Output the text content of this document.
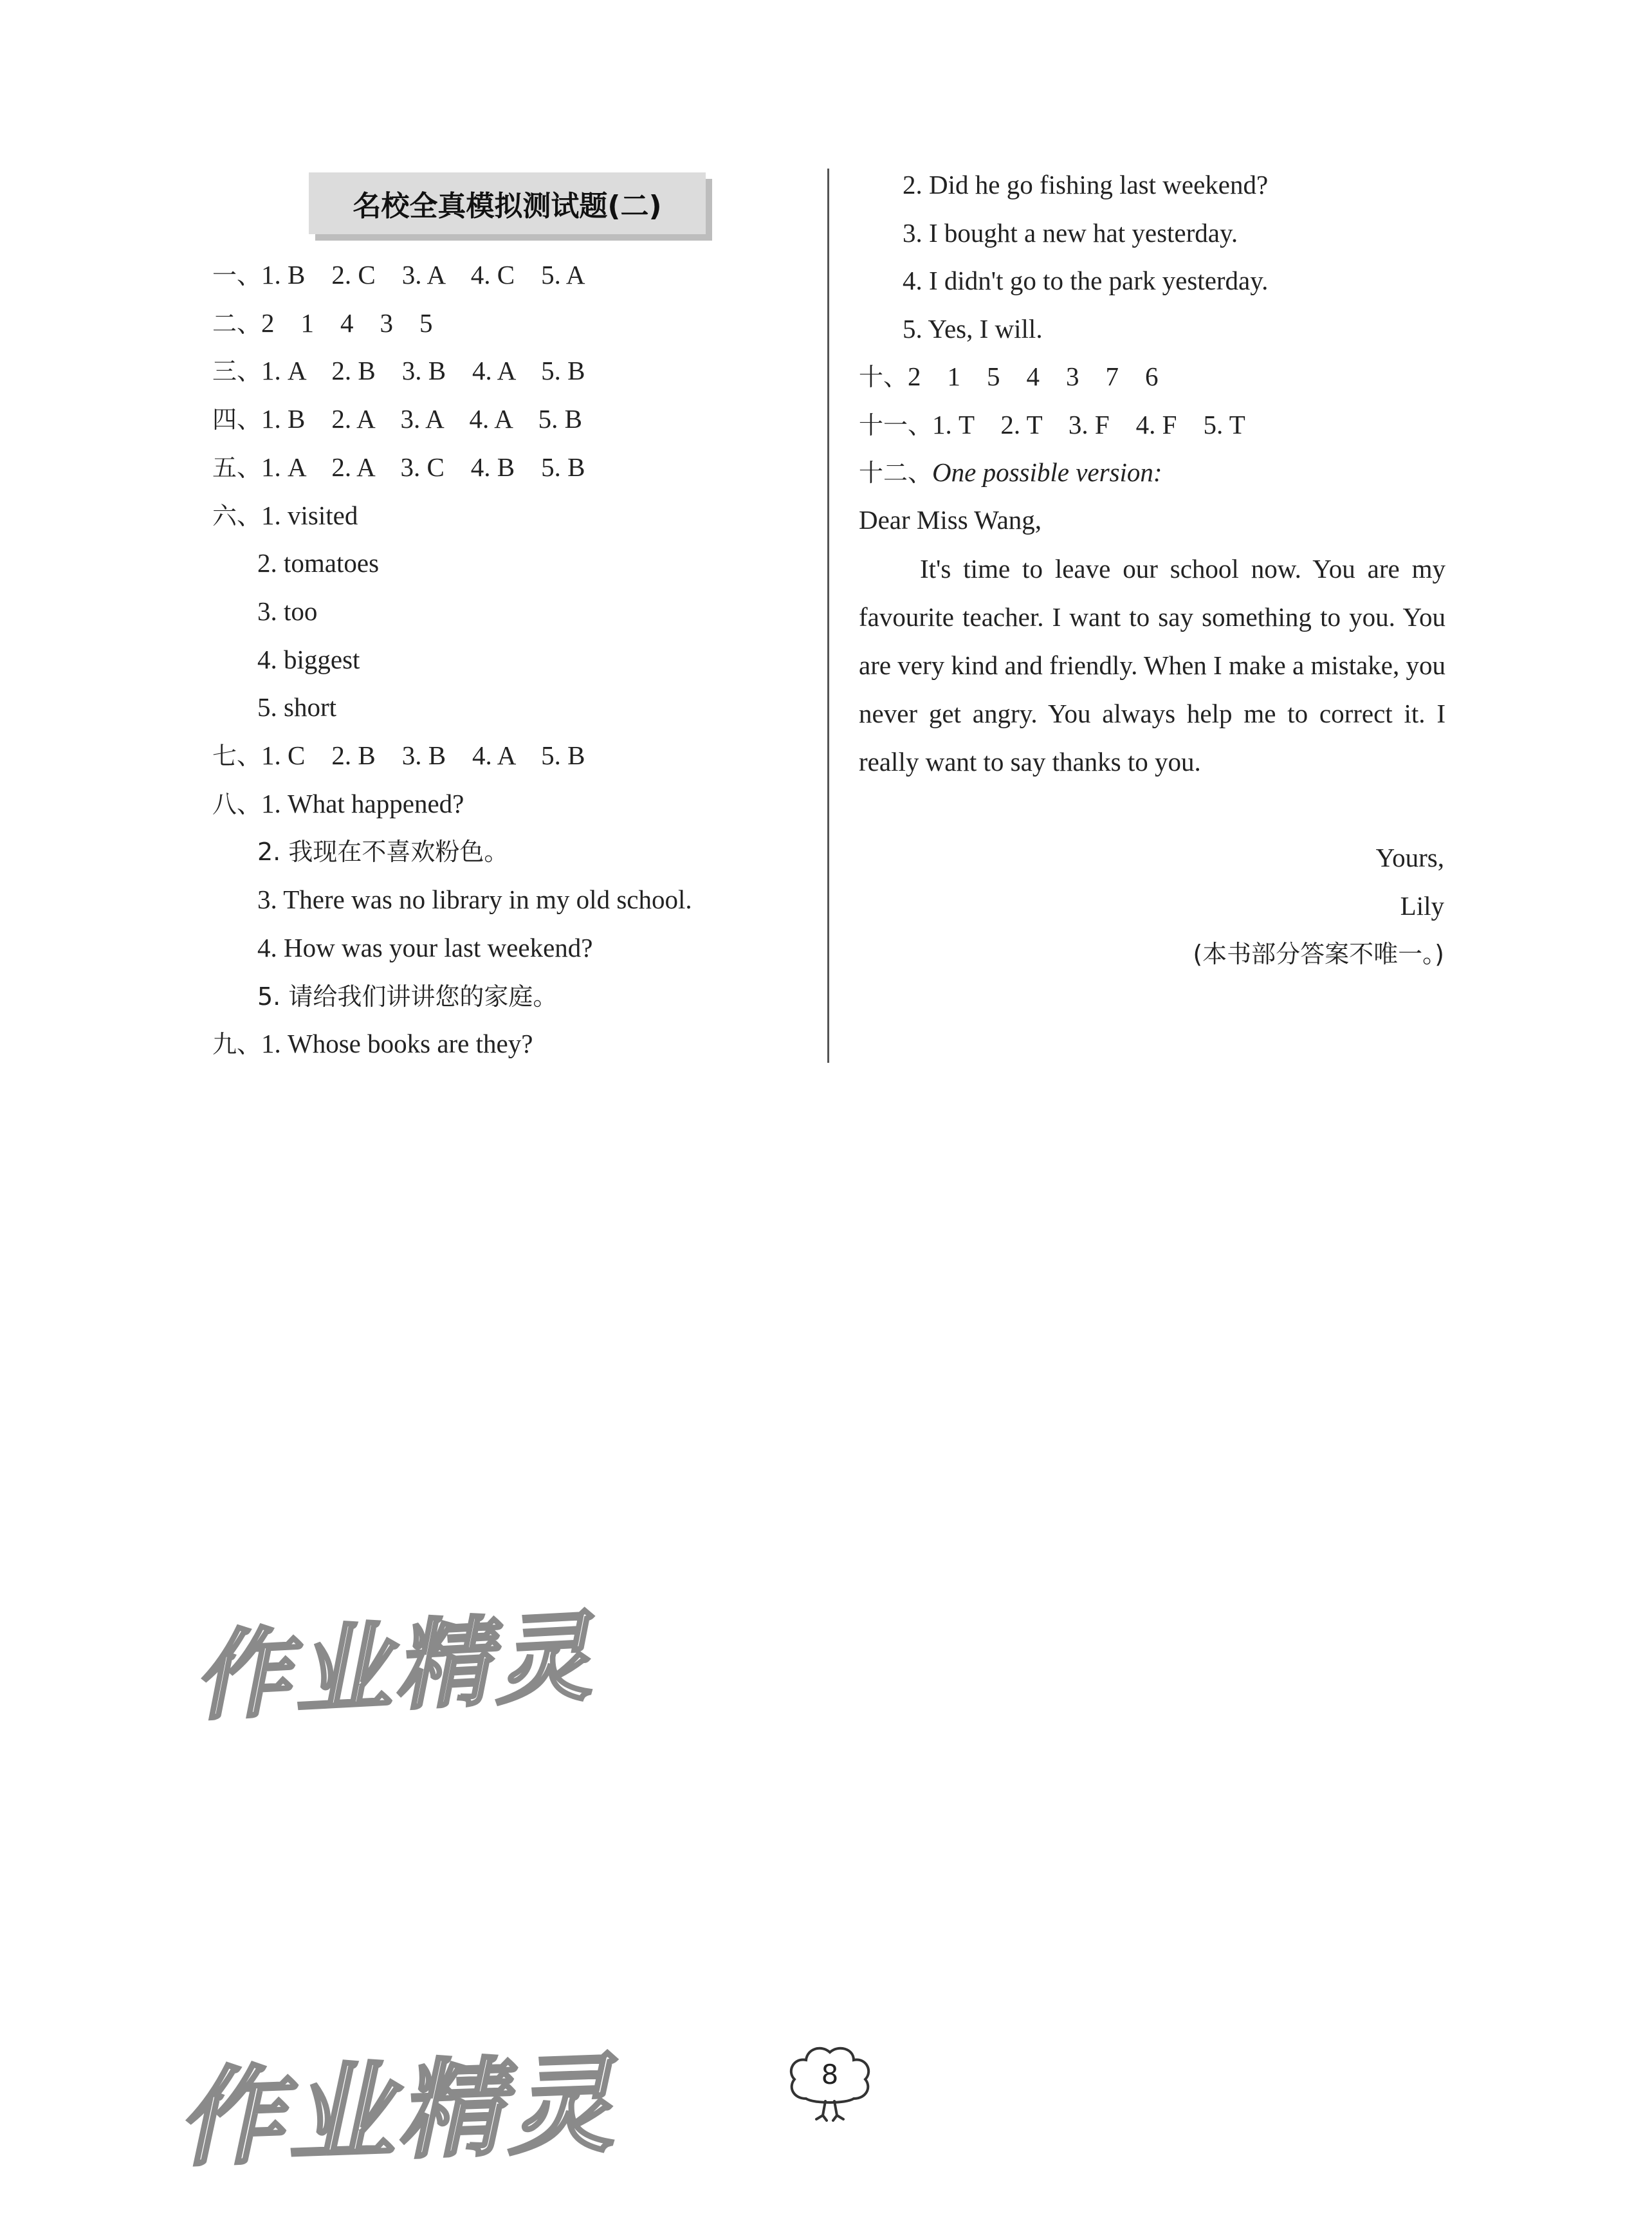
名校全真模拟测试题(二)
一、1. B    2. C    3. A    4. C    5. A
二、2    1    4    3    5
三、1. A    2. B    3. B    4. A    5. B
四、1. B    2. A    3. A    4. A    5. B
五、1. A    2. A    3. C    4. B    5. B
六、1. visited
2. tomatoes
3. too
4. biggest
5. short
七、1. C    2. B    3. B    4. A    5. B
八、1. What happened?
2. 我现在不喜欢粉色。
3. There was no library in my old school.
4. How was your last weekend?
5. 请给我们讲讲您的家庭。
九、1. Whose books are they?
2. Did he go fishing last weekend?
3. I bought a new hat yesterday.
4. I didn't go to the park yesterday.
5. Yes, I will.
十、2    1    5    4    3    7    6
十一、1. T    2. T    3. F    4. F    5. T
十二、One possible version:
Dear Miss Wang,
It's time to leave our school now. You are my favourite teacher. I want to say something to you. You are very kind and friendly. When I make a mistake, you never get angry. You always help me to correct it. I really want to say thanks to you.
Yours,
Lily
(本书部分答案不唯一。)
作业精灵
作业精灵	8
